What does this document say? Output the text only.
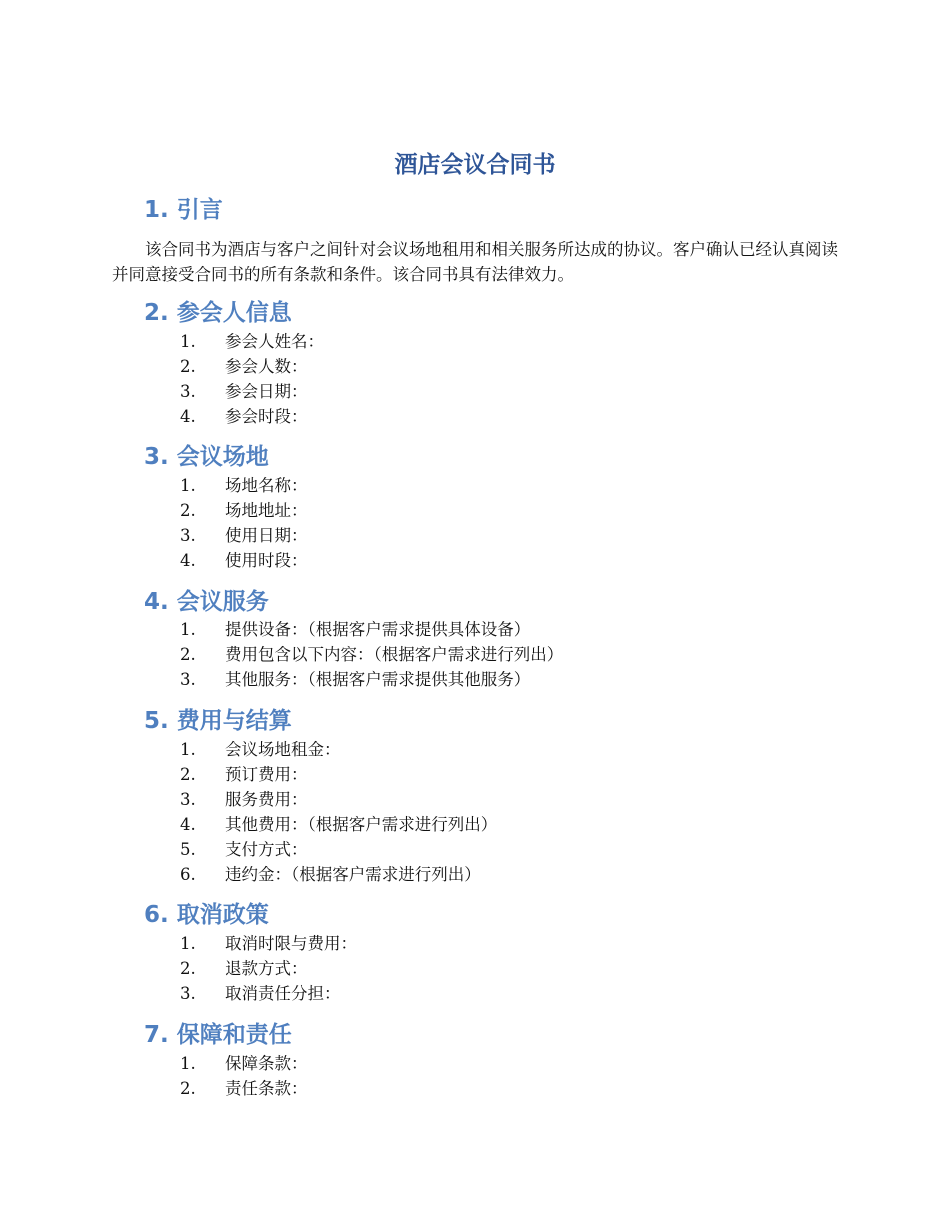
酒店会议合同书
1. 引言
该合同书为酒店与客户之间针对会议场地租用和相关服务所达成的协议。客户确认已经认真阅读并同意接受合同书的所有条款和条件。该合同书具有法律效力。
2. 参会人信息
1.	参会人姓名：
2.	参会人数：
3.	参会日期：
4.	参会时段：
3. 会议场地
1.	场地名称：
2.	场地地址：
3.	使用日期：
4.	使用时段：
4. 会议服务
1.	提供设备：（根据客户需求提供具体设备）
2.	费用包含以下内容：（根据客户需求进行列出）
3.	其他服务：（根据客户需求提供其他服务）
5. 费用与结算
1.	会议场地租金：
2.	预订费用：
3.	服务费用：
4.	其他费用：（根据客户需求进行列出）
5.	支付方式：
6.	违约金：（根据客户需求进行列出）
6. 取消政策
1.	取消时限与费用：
2.	退款方式：
3.	取消责任分担：
7. 保障和责任
1.	保障条款：
2.	责任条款：
